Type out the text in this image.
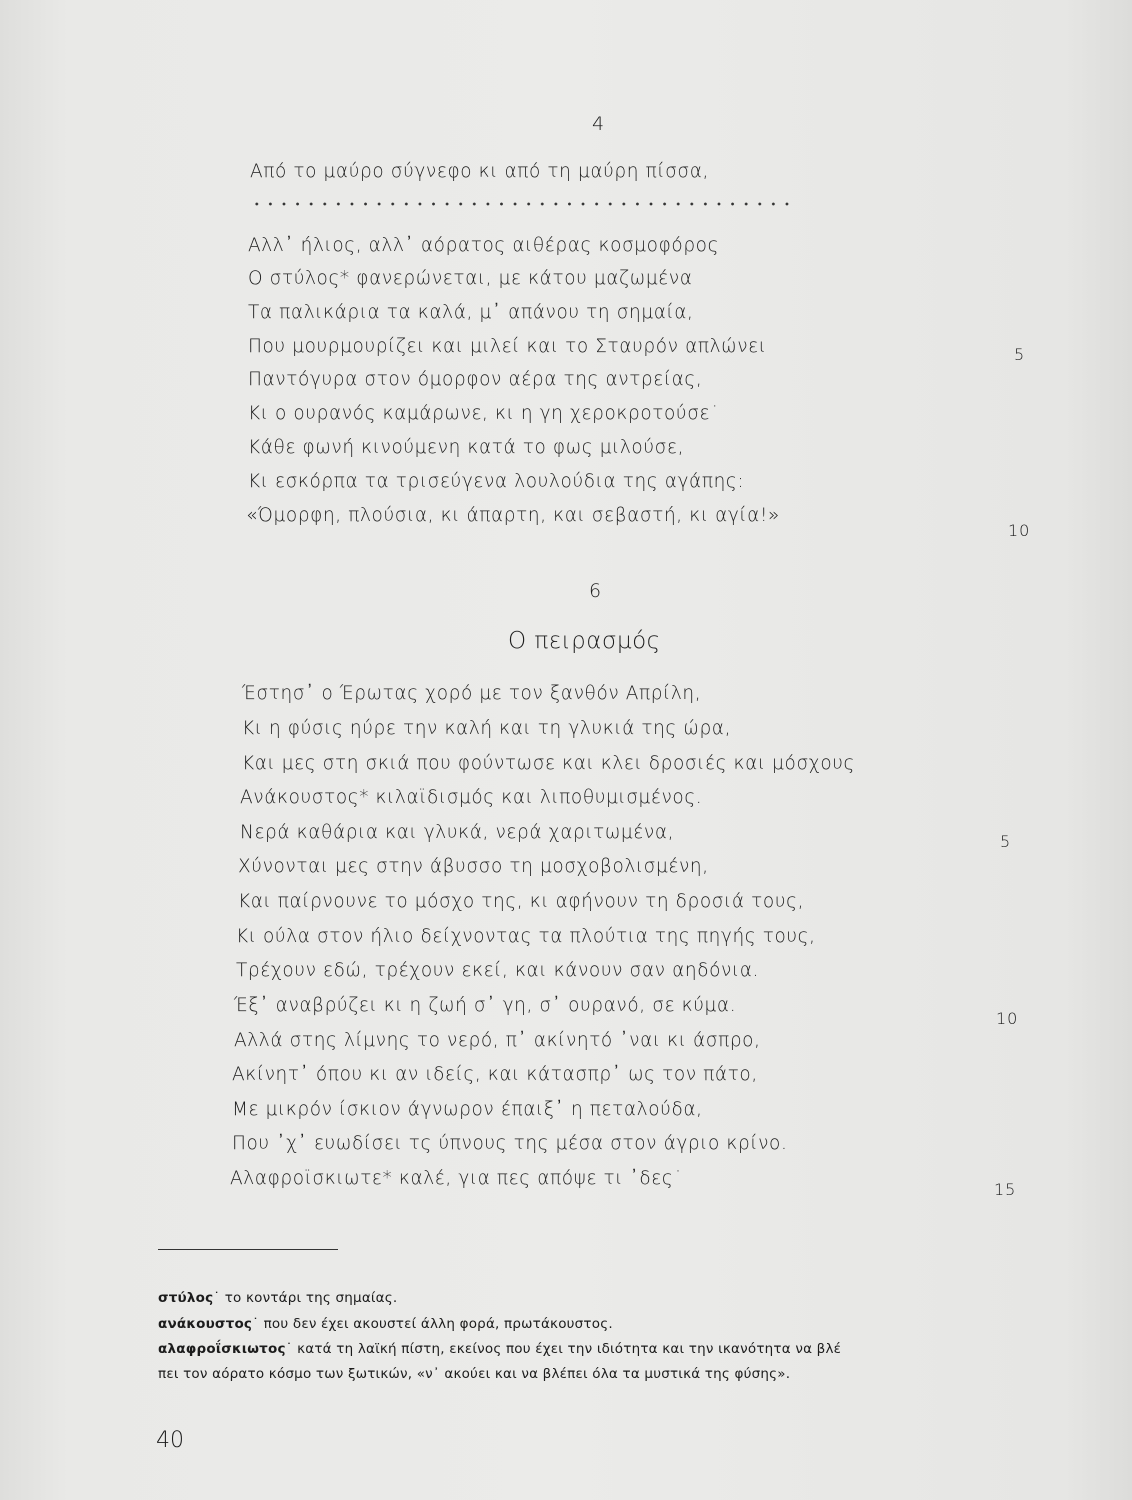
4
Από το μαύρο σύγνεφο κι από τη μαύρη πίσσα,
Αλλ᾽ ήλιος, αλλ᾽ αόρατος αιθέρας κοσμοφόρος
Ο στύλος* φανερώνεται, με κάτου μαζωμένα
Τα παλικάρια τα καλά, μ᾽ απάνου τη σημαία,
Που μουρμουρίζει και μιλεί και το Σταυρόν απλώνει
Παντόγυρα στον όμορφον αέρα της αντρείας,
Κι ο ουρανός καμάρωνε, κι η γη χεροκροτούσε˙
Κάθε φωνή κινούμενη κατά το φως μιλούσε,
Κι εσκόρπα τα τρισεύγενα λουλούδια της αγάπης:
«Όμορφη, πλούσια, κι άπαρτη, και σεβαστή, κι αγία!»
5
10
6
Ο πειρασμός
Έστησ᾽ ο Έρωτας χορό με τον ξανθόν Απρίλη,
Κι η φύσις ηύρε την καλή και τη γλυκιά της ώρα,
Και μες στη σκιά που φούντωσε και κλει δροσιές και μόσχους
Ανάκουστος* κιλαϊδισμός και λιποθυμισμένος.
Νερά καθάρια και γλυκά, νερά χαριτωμένα,
Χύνονται μες στην άβυσσο τη μοσχοβολισμένη,
Και παίρνουνε το μόσχο της, κι αφήνουν τη δροσιά τους,
Κι ούλα στον ήλιο δείχνοντας τα πλούτια της πηγής τους,
Τρέχουν εδώ, τρέχουν εκεί, και κάνουν σαν αηδόνια.
Έξ᾽ αναβρύζει κι η ζωή σ᾽ γη, σ᾽ ουρανό, σε κύμα.
Αλλά στης λίμνης το νερό, π᾽ ακίνητό ᾽ναι κι άσπρο,
Ακίνητ᾽ όπου κι αν ιδείς, και κάτασπρ᾽ ως τον πάτο,
Με μικρόν ίσκιον άγνωρον έπαιξ᾽ η πεταλούδα,
Που ᾽χ᾽ ευωδίσει τς ύπνους της μέσα στον άγριο κρίνο.
Αλαφροϊσκιωτε* καλέ, για πες απόψε τι ᾽δες˙
5
10
15
στύλος˙ το κοντάρι της σημαίας.
ανάκουστος˙ που δεν έχει ακουστεί άλλη φορά, πρωτάκουστος.
αλαφροΐσκιωτος˙ κατά τη λαϊκή πίστη, εκείνος που έχει την ιδιότητα και την ικανότητα να βλέ
πει τον αόρατο κόσμο των ξωτικών, «ν᾽ ακούει και να βλέπει όλα τα μυστικά της φύσης».
40
